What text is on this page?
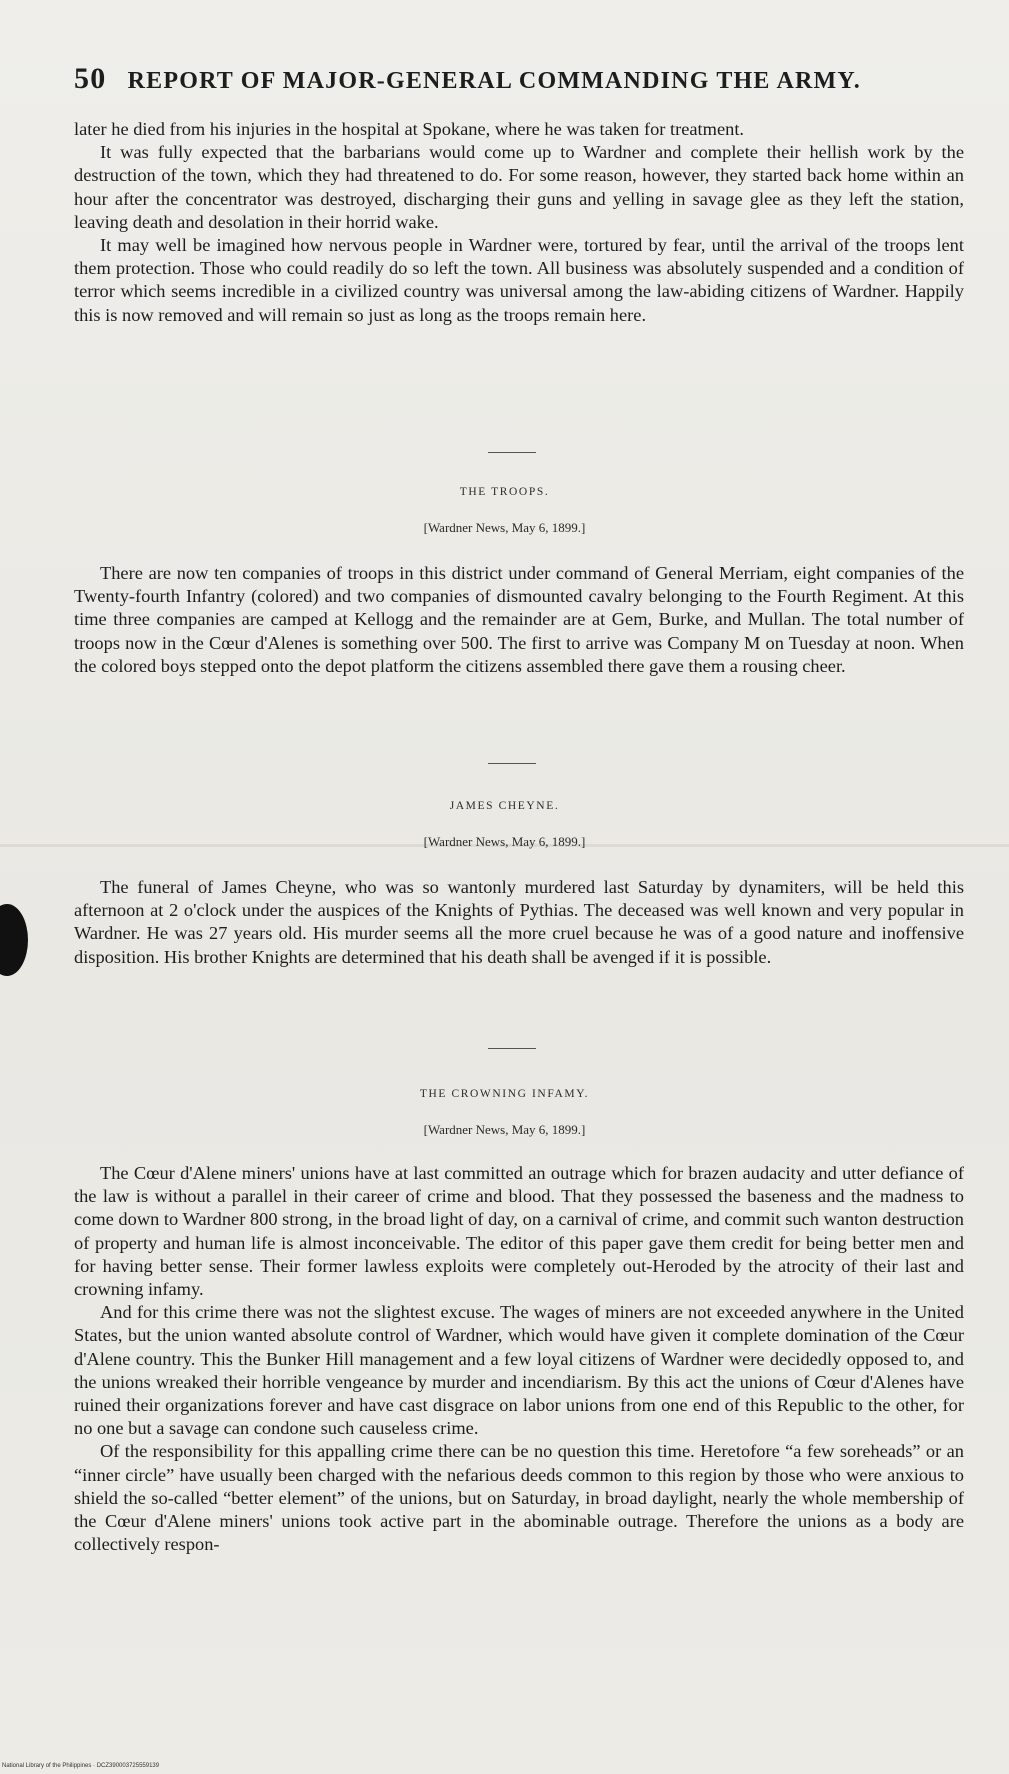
50 REPORT OF MAJOR-GENERAL COMMANDING THE ARMY.

later he died from his injuries in the hospital at Spokane, where he was taken for treatment.

It was fully expected that the barbarians would come up to Wardner and complete their hellish work by the destruction of the town, which they had threatened to do. For some reason, however, they started back home within an hour after the concentrator was destroyed, discharging their guns and yelling in savage glee as they left the station, leaving death and desolation in their horrid wake.

It may well be imagined how nervous people in Wardner were, tortured by fear, until the arrival of the troops lent them protection. Those who could readily do so left the town. All business was absolutely suspended and a condition of terror which seems incredible in a civilized country was universal among the law-abiding citizens of Wardner. Happily this is now removed and will remain so just as long as the troops remain here.

THE TROOPS.
[Wardner News, May 6, 1899.]

There are now ten companies of troops in this district under command of General Merriam, eight companies of the Twenty-fourth Infantry (colored) and two companies of dismounted cavalry belonging to the Fourth Regiment. At this time three companies are camped at Kellogg and the remainder are at Gem, Burke, and Mullan. The total number of troops now in the Cœur d'Alenes is something over 500. The first to arrive was Company M on Tuesday at noon. When the colored boys stepped onto the depot platform the citizens assembled there gave them a rousing cheer.

JAMES CHEYNE.
[Wardner News, May 6, 1899.]

The funeral of James Cheyne, who was so wantonly murdered last Saturday by dynamiters, will be held this afternoon at 2 o'clock under the auspices of the Knights of Pythias. The deceased was well known and very popular in Wardner. He was 27 years old. His murder seems all the more cruel because he was of a good nature and inoffensive disposition. His brother Knights are determined that his death shall be avenged if it is possible.

THE CROWNING INFAMY.
[Wardner News, May 6, 1899.]

The Cœur d'Alene miners' unions have at last committed an outrage which for brazen audacity and utter defiance of the law is without a parallel in their career of crime and blood. That they possessed the baseness and the madness to come down to Wardner 800 strong, in the broad light of day, on a carnival of crime, and commit such wanton destruction of property and human life is almost inconceivable. The editor of this paper gave them credit for being better men and for having better sense. Their former lawless exploits were completely out-Heroded by the atrocity of their last and crowning infamy.

And for this crime there was not the slightest excuse. The wages of miners are not exceeded anywhere in the United States, but the union wanted absolute control of Wardner, which would have given it complete domination of the Cœur d'Alene country. This the Bunker Hill management and a few loyal citizens of Wardner were decidedly opposed to, and the unions wreaked their horrible vengeance by murder and incendiarism. By this act the unions of Cœur d'Alenes have ruined their organizations forever and have cast disgrace on labor unions from one end of this Republic to the other, for no one but a savage can condone such causeless crime.

Of the responsibility for this appalling crime there can be no question this time. Heretofore “a few soreheads” or an “inner circle” have usually been charged with the nefarious deeds common to this region by those who were anxious to shield the so-called “better element” of the unions, but on Saturday, in broad daylight, nearly the whole membership of the Cœur d'Alene miners' unions took active part in the abominable outrage. Therefore the unions as a body are collectively respon-

National Library of the Philippines · DCZ390003725559139
